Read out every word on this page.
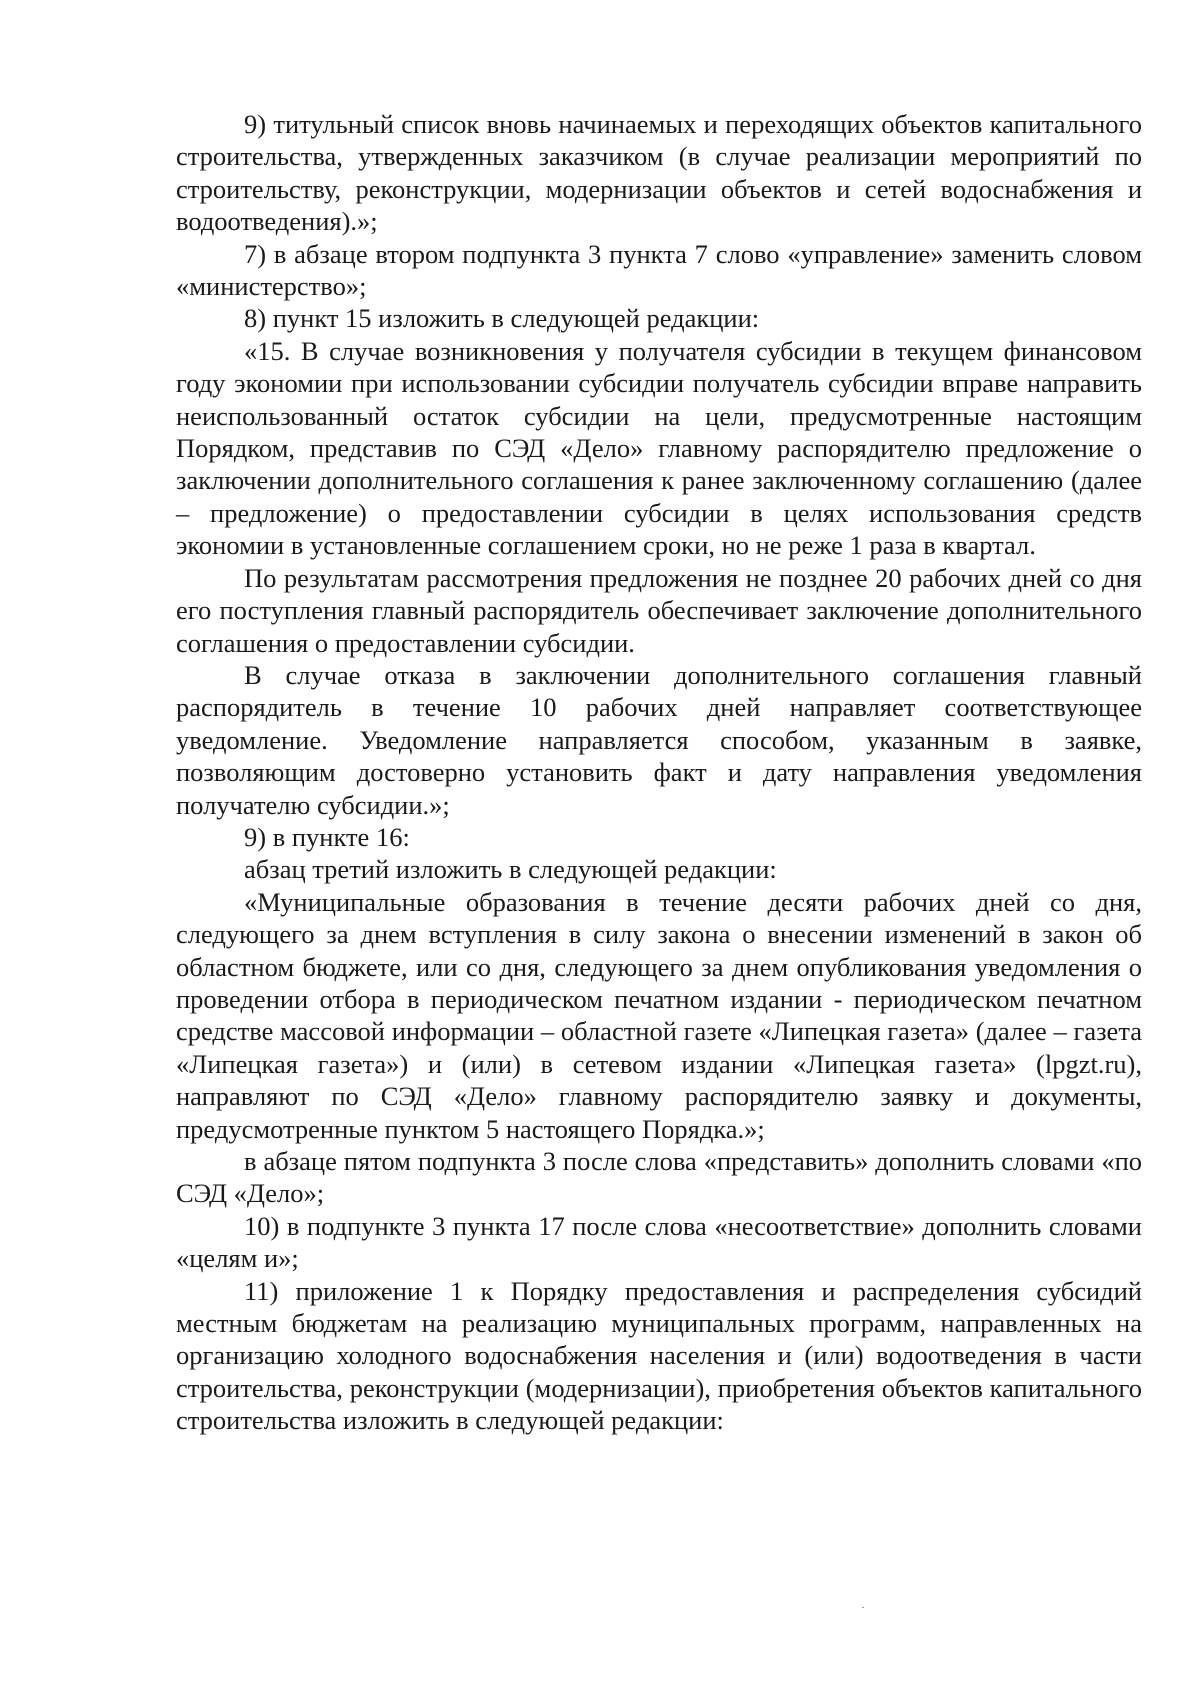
9) титульный список вновь начинаемых и переходящих объектов капитального строительства, утвержденных заказчиком (в случае реализации мероприятий по строительству, реконструкции, модернизации объектов и сетей водоснабжения и водоотведения).»;

7) в абзаце втором подпункта 3 пункта 7 слово «управление» заменить словом «министерство»;

8) пункт 15 изложить в следующей редакции:

«15. В случае возникновения у получателя субсидии в текущем финансовом году экономии при использовании субсидии получатель субсидии вправе направить неиспользованный остаток субсидии на цели, предусмотренные настоящим Порядком, представив по СЭД «Дело» главному распорядителю предложение о заключении дополнительного соглашения к ранее заключенному соглашению (далее – предложение) о предоставлении субсидии в целях использования средств экономии в установленные соглашением сроки, но не реже 1 раза в квартал.

По результатам рассмотрения предложения не позднее 20 рабочих дней со дня его поступления главный распорядитель обеспечивает заключение дополнительного соглашения о предоставлении субсидии.

В случае отказа в заключении дополнительного соглашения главный распорядитель в течение 10 рабочих дней направляет соответствующее уведомление. Уведомление направляется способом, указанным в заявке, позволяющим достоверно установить факт и дату направления уведомления получателю субсидии.»;

9) в пункте 16:

абзац третий изложить в следующей редакции:

«Муниципальные образования в течение десяти рабочих дней со дня, следующего за днем вступления в силу закона о внесении изменений в закон об областном бюджете, или со дня, следующего за днем опубликования уведомления о проведении отбора в периодическом печатном издании - периодическом печатном средстве массовой информации – областной газете «Липецкая газета» (далее – газета «Липецкая газета») и (или) в сетевом издании «Липецкая газета» (lpgzt.ru), направляют по СЭД «Дело» главному распорядителю заявку и документы, предусмотренные пунктом 5 настоящего Порядка.»;

в абзаце пятом подпункта 3 после слова «представить» дополнить словами «по СЭД «Дело»;

10) в подпункте 3 пункта 17 после слова «несоответствие» дополнить словами «целям и»;

11) приложение 1 к Порядку предоставления и распределения субсидий местным бюджетам на реализацию муниципальных программ, направленных на организацию холодного водоснабжения населения и (или) водоотведения в части строительства, реконструкции (модернизации), приобретения объектов капитального строительства изложить в следующей редакции:
